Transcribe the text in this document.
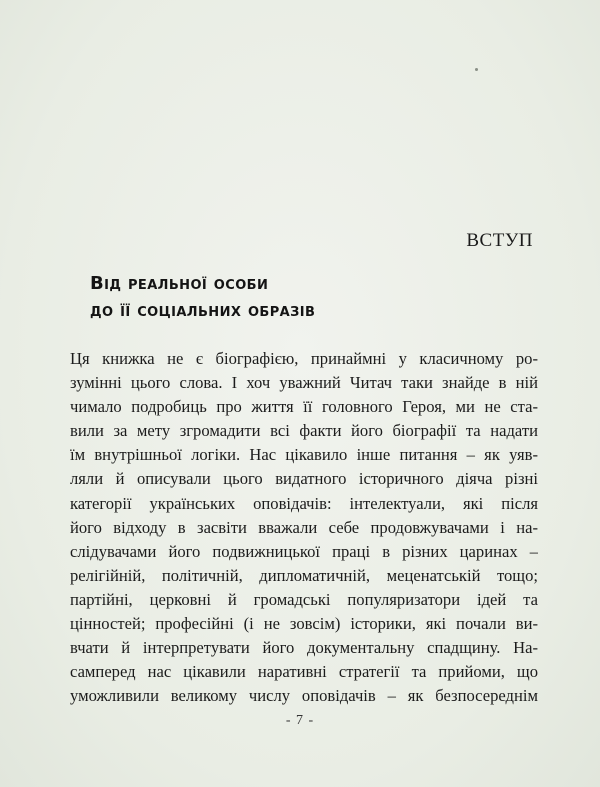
ВСТУП
Від реальної особи
до її соціальних образів
Ця книжка не є біографією, принаймні у класичному ро-
зумінні цього слова. І хоч уважний Читач таки знайде в ній
чимало подробиць про життя її головного Героя, ми не ста-
вили за мету згромадити всі факти його біографії та надати
їм внутрішньої логіки. Нас цікавило інше питання – як уяв-
ляли й описували цього видатного історичного діяча різні
категорії українських оповідачів: інтелектуали, які після
його відходу в засвіти вважали себе продовжувачами і на-
слідувачами його подвижницької праці в різних царинах –
релігійній, політичній, дипломатичній, меценатській тощо;
партійні, церковні й громадські популяризатори ідей та
цінностей; професійні (і не зовсім) історики, які почали ви-
вчати й інтерпретувати його документальну спадщину. На-
самперед нас цікавили наративні стратегії та прийоми, що
уможливили великому числу оповідачів – як безпосереднім
- 7 -
